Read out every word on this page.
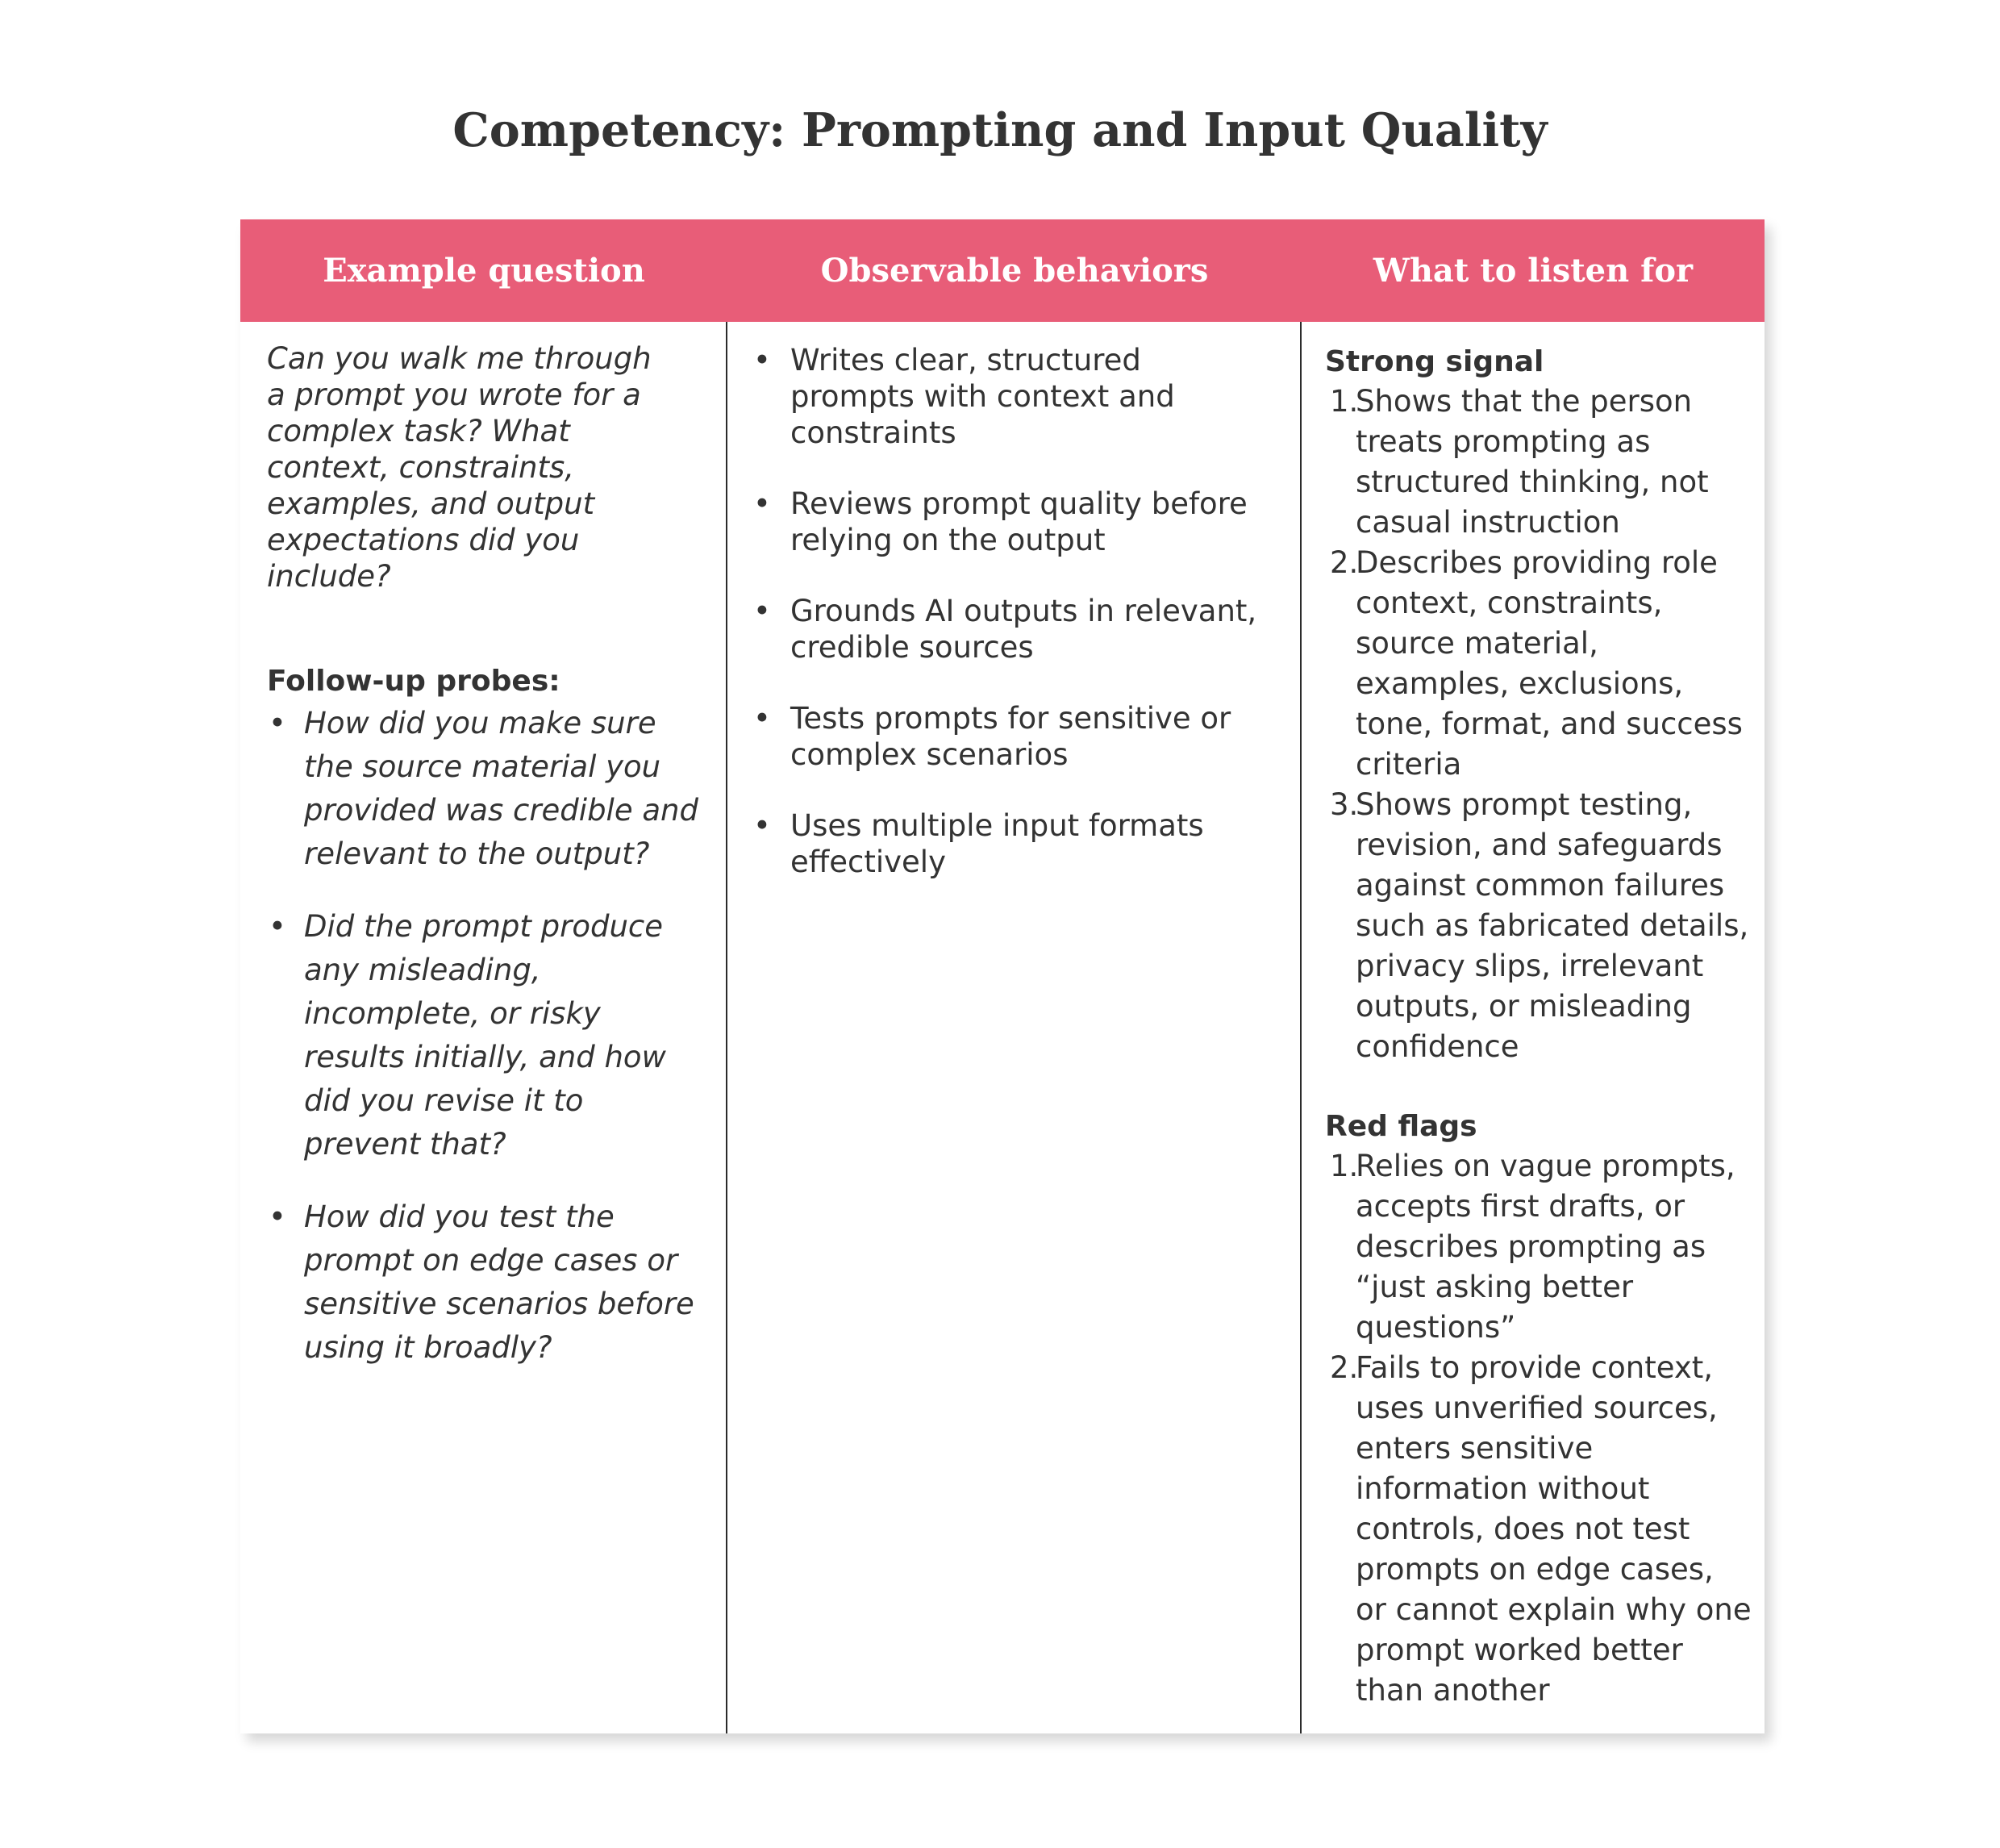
Competency: Prompting and Input Quality
Example question	Observable behaviors	What to listen for
Can you walk me through a prompt you wrote for a complex task? What context, constraints, examples, and output expectations did you include?
Follow-up probes:
• How did you make sure the source material you provided was credible and relevant to the output?
• Did the prompt produce any misleading, incomplete, or risky results initially, and how did you revise it to prevent that?
• How did you test the prompt on edge cases or sensitive scenarios before using it broadly?
• Writes clear, structured prompts with context and constraints
• Reviews prompt quality before relying on the output
• Grounds AI outputs in relevant, credible sources
• Tests prompts for sensitive or complex scenarios
• Uses multiple input formats effectively
Strong signal
1.
Shows that the person treats prompting as structured thinking, not casual instruction
2.
Describes providing role context, constraints, source material, examples, exclusions, tone, format, and success criteria
3.
Shows prompt testing, revision, and safeguards against common failures such as fabricated details, privacy slips, irrelevant outputs, or misleading confidence
Red flags
1.
Relies on vague prompts, accepts first drafts, or describes prompting as “just asking better questions”
2.
Fails to provide context, uses unverified sources, enters sensitive information without controls, does not test prompts on edge cases, or cannot explain why one prompt worked better than another
